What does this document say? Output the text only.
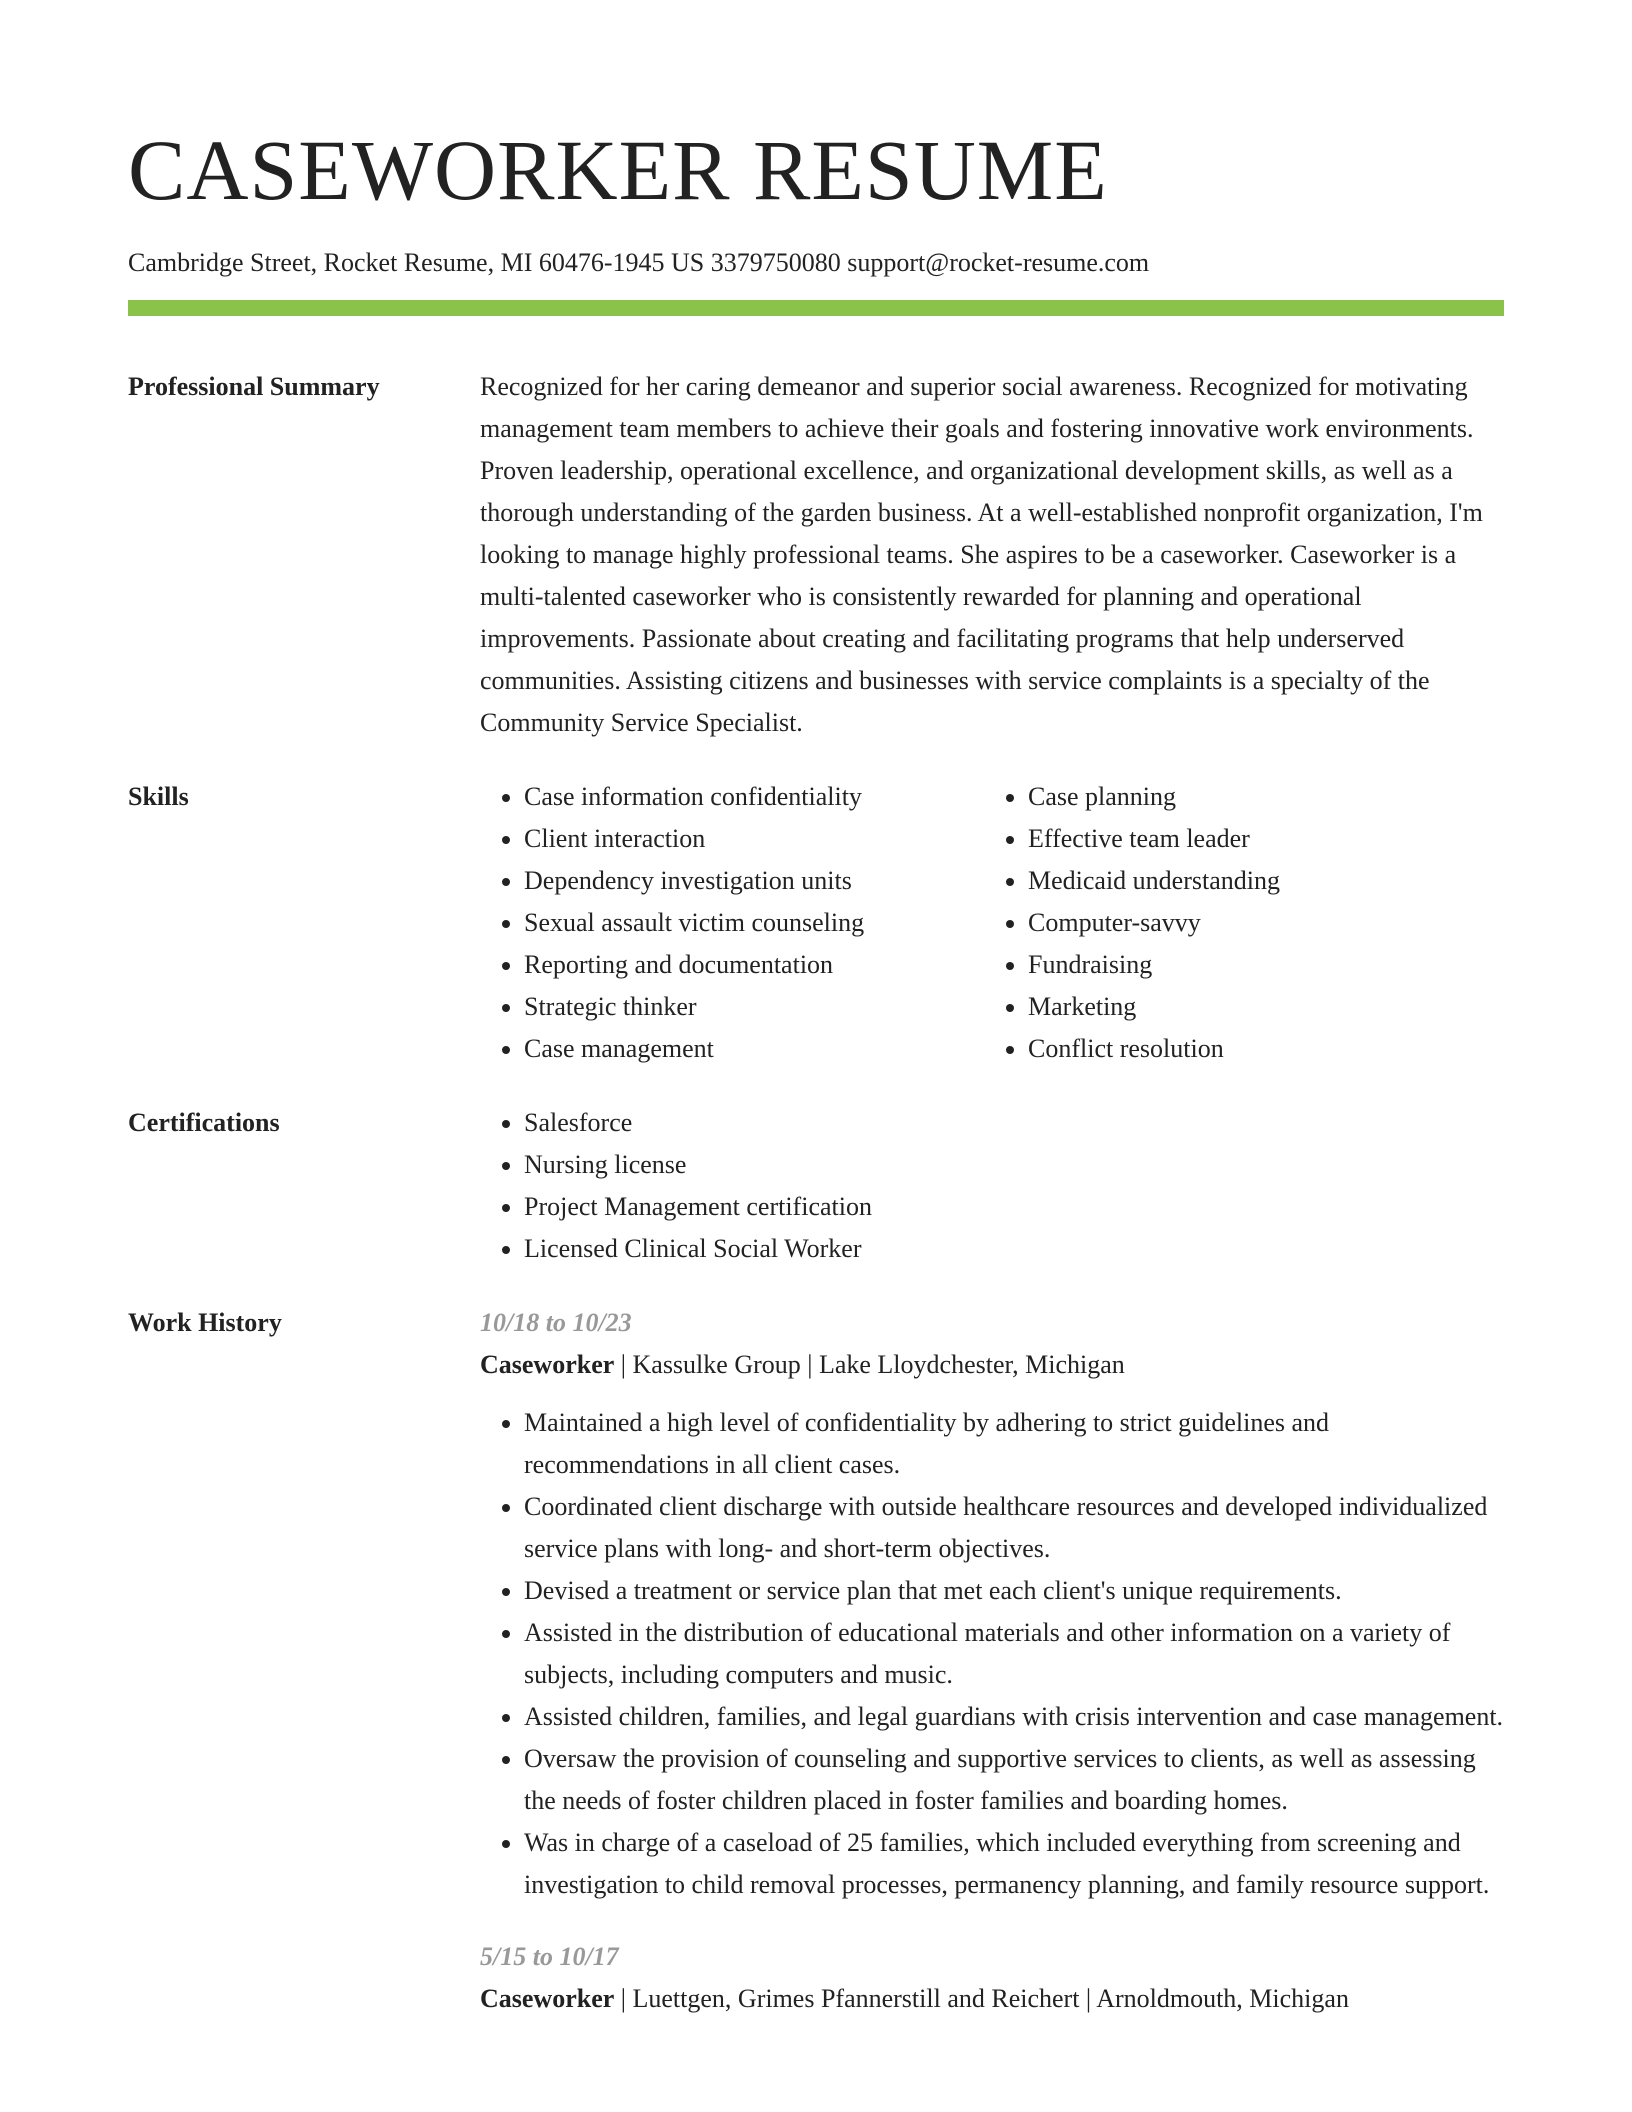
CASEWORKER RESUME
Cambridge Street, Rocket Resume, MI 60476-1945 US 3379750080 support@rocket-resume.com
Professional Summary	Recognized for her caring demeanor and superior social awareness. Recognized for motivating management team members to achieve their goals and fostering innovative work environments. Proven leadership, operational excellence, and organizational development skills, as well as a thorough understanding of the garden business. At a well-established nonprofit organization, I'm looking to manage highly professional teams. She aspires to be a caseworker. Caseworker is a multi-talented caseworker who is consistently rewarded for planning and operational improvements. Passionate about creating and facilitating programs that help underserved communities. Assisting citizens and businesses with service complaints is a specialty of the Community Service Specialist.

Skills	• Case information confidentiality
• Client interaction
• Dependency investigation units
• Sexual assault victim counseling
• Reporting and documentation
• Strategic thinker
• Case management
• Case planning
• Effective team leader
• Medicaid understanding
• Computer-savvy
• Fundraising
• Marketing
• Conflict resolution
Certifications	• Salesforce
• Nursing license
• Project Management certification
• Licensed Clinical Social Worker
Work History	10/18 to 10/23

Caseworker | Kassulke Group | Lake Lloydchester, Michigan

• Maintained a high level of confidentiality by adhering to strict guidelines and recommendations in all client cases.
• Coordinated client discharge with outside healthcare resources and developed individualized service plans with long- and short-term objectives.
• Devised a treatment or service plan that met each client's unique requirements.
• Assisted in the distribution of educational materials and other information on a variety of subjects, including computers and music.
• Assisted children, families, and legal guardians with crisis intervention and case management.
• Oversaw the provision of counseling and supportive services to clients, as well as assessing the needs of foster children placed in foster families and boarding homes.
• Was in charge of a caseload of 25 families, which included everything from screening and investigation to child removal processes, permanency planning, and family resource support.
5/15 to 10/17

Caseworker | Luettgen, Grimes Pfannerstill and Reichert | Arnoldmouth, Michigan
